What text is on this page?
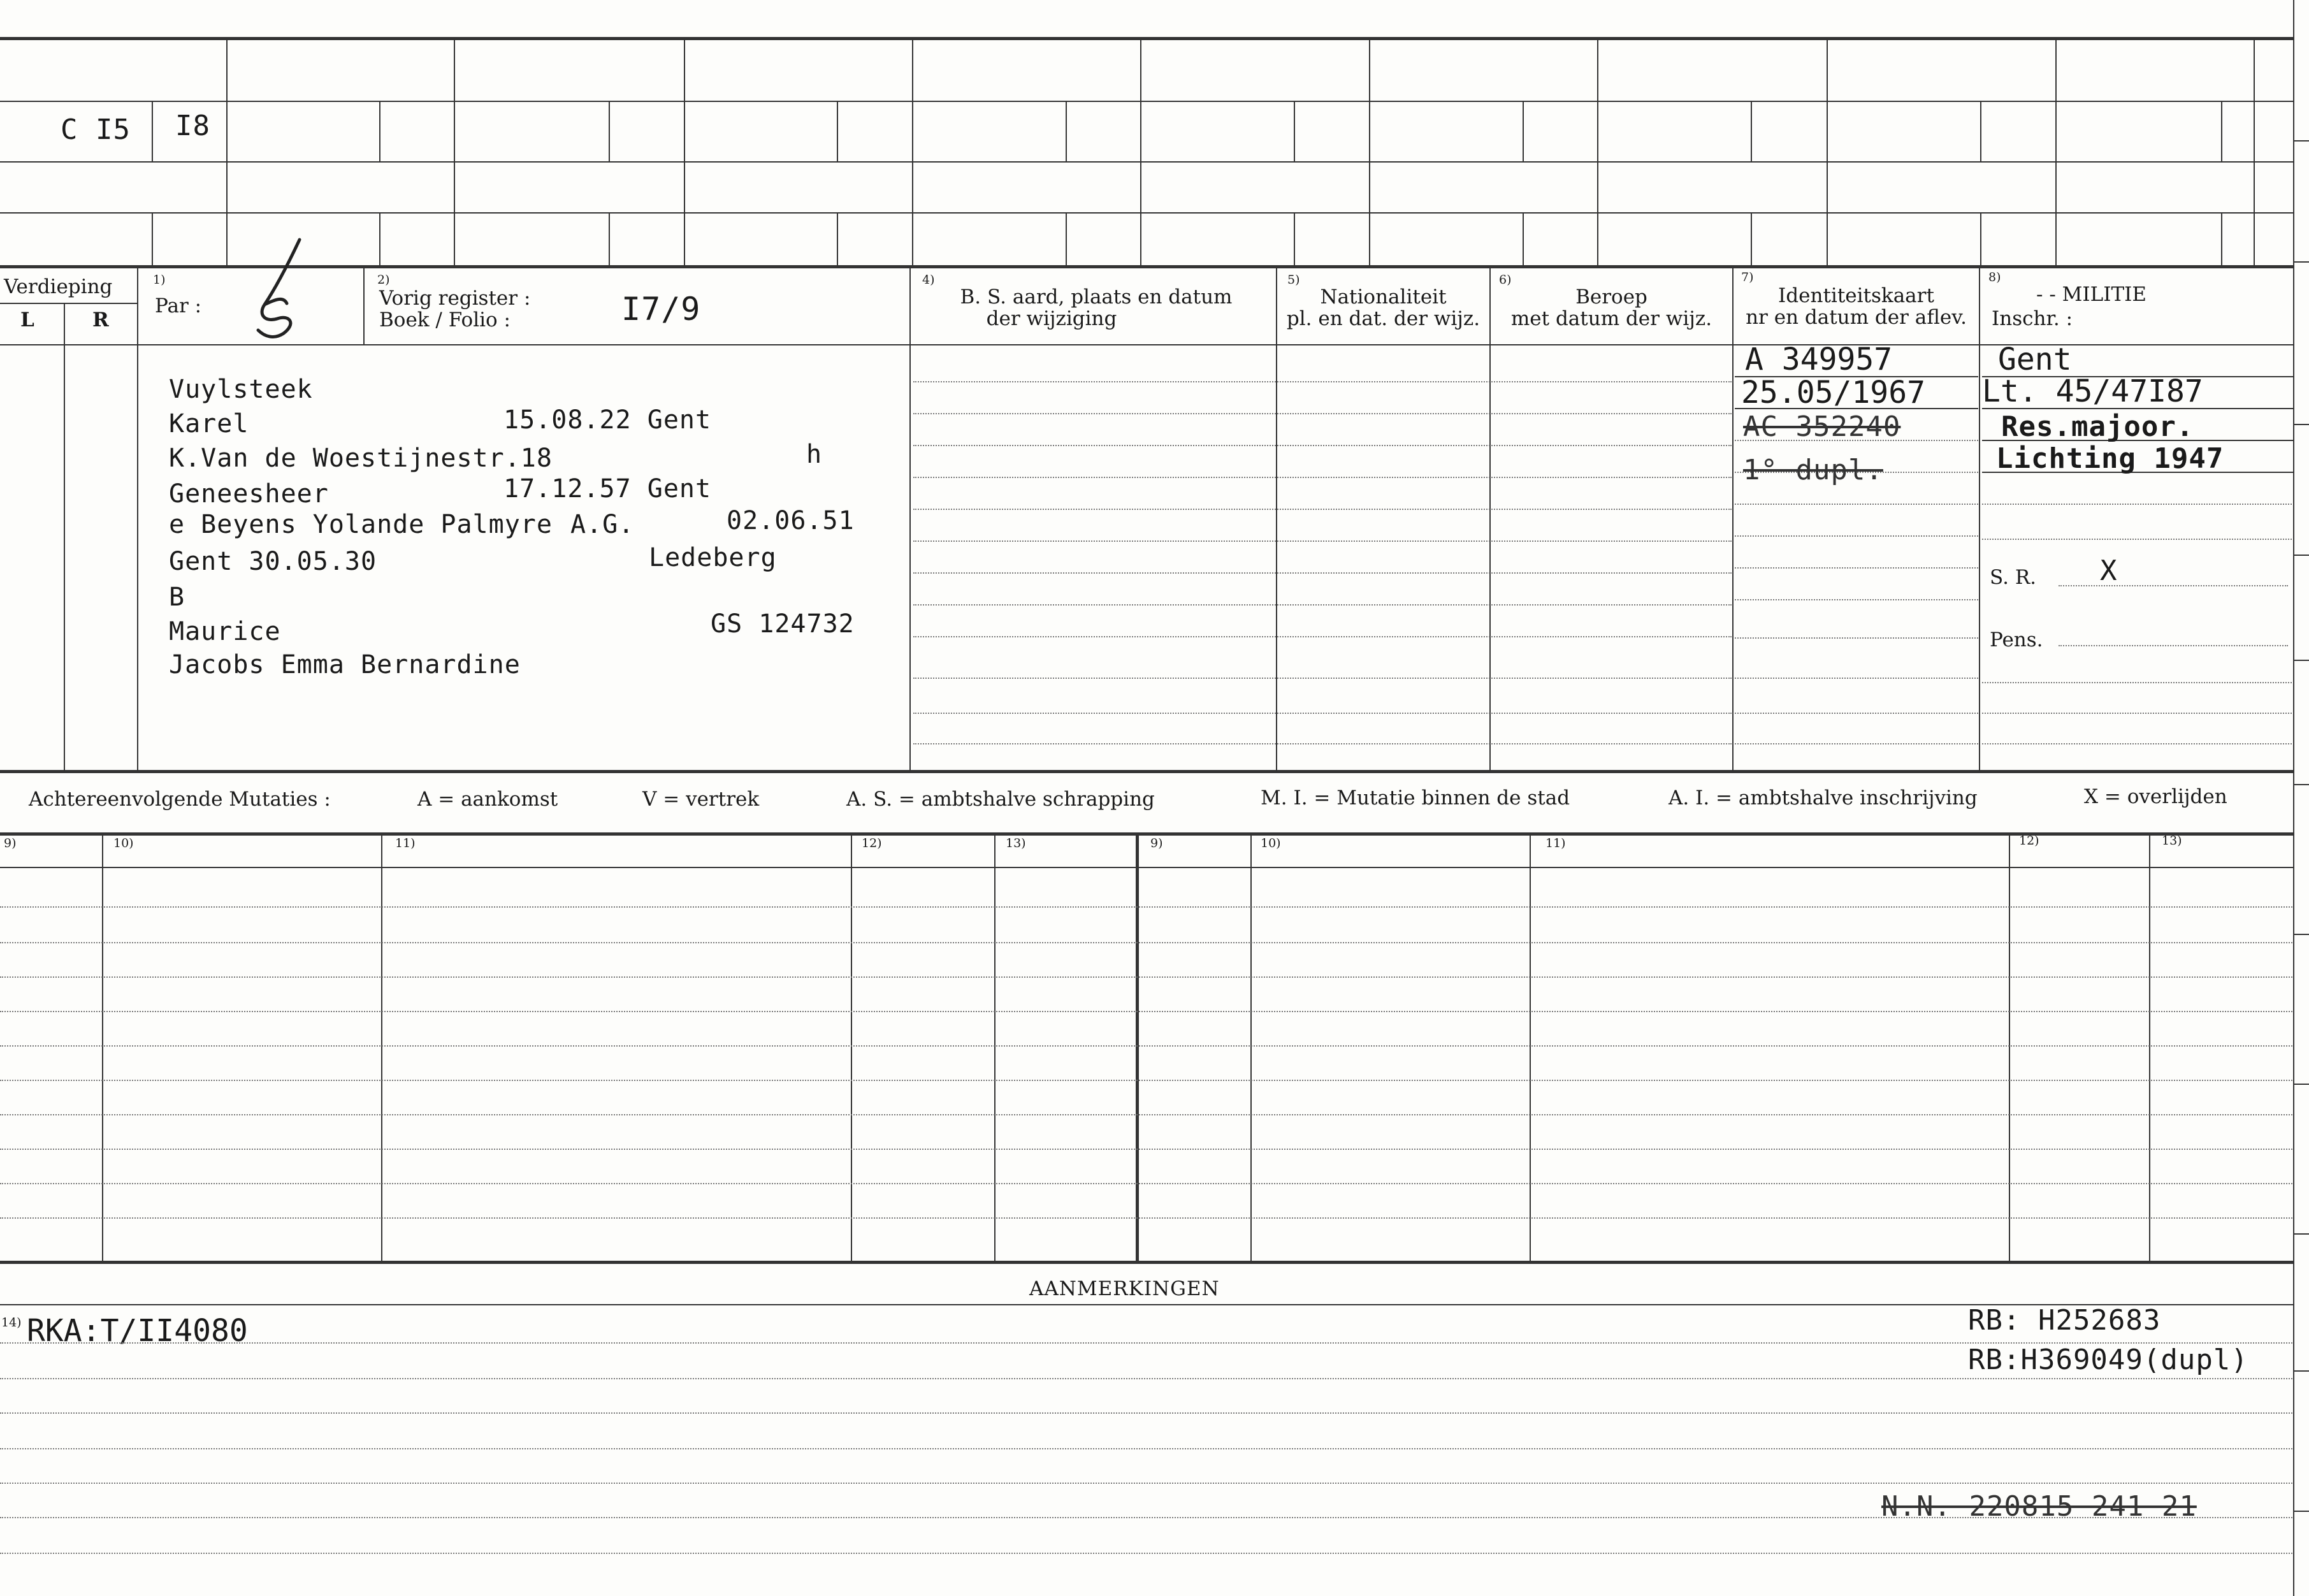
C I5 I8
Verdieping
L	R
1)
Par :
2)
Vorig register :
Boek / Folio :	I7/9
4)
B. S. aard, plaats en datum
der wijziging
5)
Nationaliteit
pl. en dat. der wijz.
6)
Beroep
met datum der wijz.
7)
Identiteitskaart
nr en datum der aflev.
8)
- - MILITIE
Inschr. :
Vuylsteek
Karel	15.08.22 Gent
K.Van de Woestijnestr.18	h
Geneesheer	17.12.57 Gent
e Beyens Yolande Palmyre A.G.	02.06.51
Gent 30.05.30	Ledeberg
B
Maurice	GS 124732
Jacobs Emma Bernardine
A 349957
25.05/1967
AC 352240
1° dupl.
Gent
Lt. 45/47I87
Res.majoor.
Lichting 1947
S. R. X
Pens.
Achtereenvolgende Mutaties :	A = aankomst	V = vertrek	A. S. = ambtshalve schrapping	M. I. = Mutatie binnen de stad	A. I. = ambtshalve inschrijving	X = overlijden
9)	10)	11)	12)	13)	9)	10)	11)	12)	13)
AANMERKINGEN
14) RKA:T/II4080	RB: H252683
RB:H369049(dupl)
N.N. 220815 241 21
